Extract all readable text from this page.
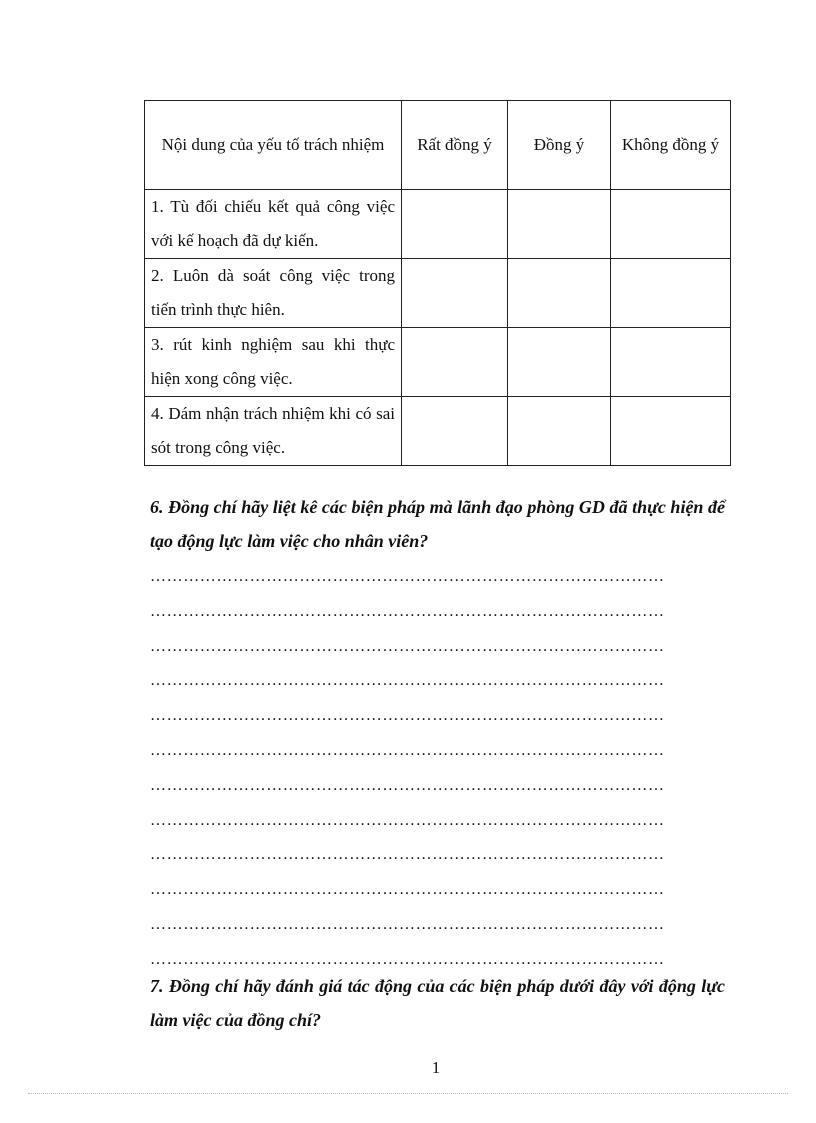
Nội dung của yếu tố trách nhiệm	Rất đồng ý	Đồng ý	Không đồng ý
1. Tù đối chiếu kết quả công việc với kế hoạch đã dự kiến.			
2. Luôn dà soát công việc trong tiến trình thực hiên.			
3. rút kinh nghiệm sau khi thực hiện xong công việc.			
4. Dám nhận trách nhiệm khi có sai sót trong công việc.			
6. Đồng chí hãy liệt kê các biện pháp mà lãnh đạo phòng GD đã thực hiện để tạo động lực làm việc cho nhân viên?
…………………………………………………………………………………
…………………………………………………………………………………
…………………………………………………………………………………
…………………………………………………………………………………
…………………………………………………………………………………
…………………………………………………………………………………
…………………………………………………………………………………
…………………………………………………………………………………
…………………………………………………………………………………
…………………………………………………………………………………
…………………………………………………………………………………
…………………………………………………………………………………
7. Đồng chí hãy đánh giá tác động của các biện pháp dưới đây với động lực làm việc của đồng chí?
1
